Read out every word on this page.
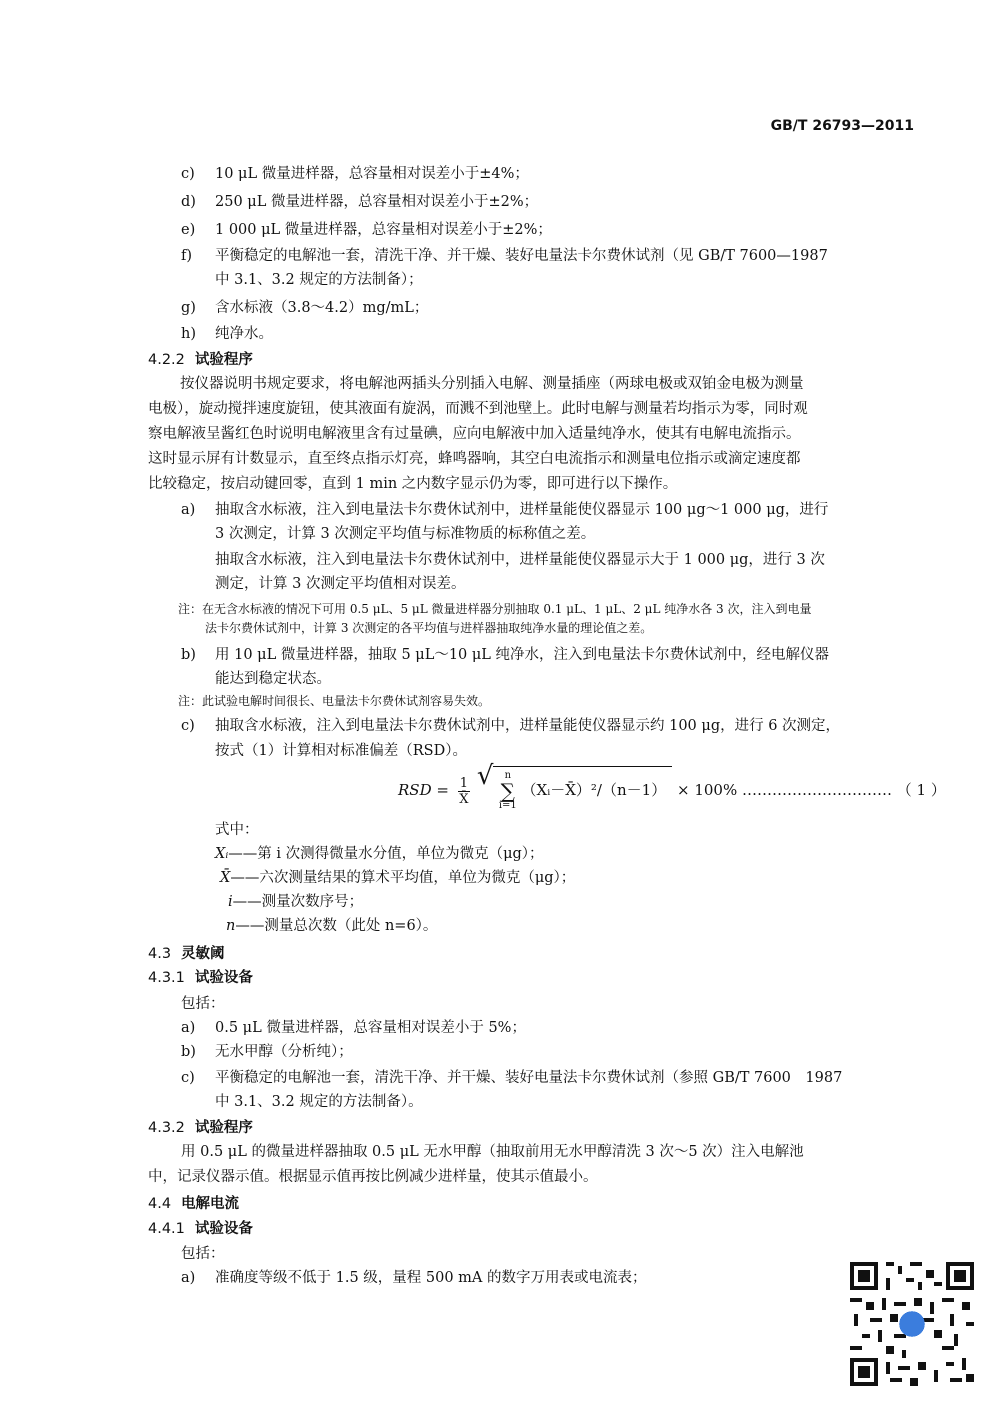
GB/T 26793—2011
c) 10 μL 微量进样器，总容量相对误差小于±4%；
d) 250 μL 微量进样器，总容量相对误差小于±2%；
e) 1 000 μL 微量进样器，总容量相对误差小于±2%；
f) 平衡稳定的电解池一套，清洗干净、并干燥、装好电量法卡尔费休试剂（见 GB/T 7600—1987
中 3.1、3.2 规定的方法制备）；
g) 含水标液（3.8～4.2）mg/mL；
h) 纯净水。
4.2.2 试验程序
按仪器说明书规定要求，将电解池两插头分别插入电解、测量插座（两球电极或双铂金电极为测量
电极），旋动搅拌速度旋钮，使其液面有旋涡，而溅不到池壁上。此时电解与测量若均指示为零，同时观
察电解液呈酱红色时说明电解液里含有过量碘，应向电解液中加入适量纯净水，使其有电解电流指示。
这时显示屏有计数显示，直至终点指示灯亮，蜂鸣器响，其空白电流指示和测量电位指示或滴定速度都
比较稳定，按启动键回零，直到 1 min 之内数字显示仍为零，即可进行以下操作。
a) 抽取含水标液，注入到电量法卡尔费休试剂中，进样量能使仪器显示 100 μg～1 000 μg，进行
3 次测定，计算 3 次测定平均值与标准物质的标称值之差。
抽取含水标液，注入到电量法卡尔费休试剂中，进样量能使仪器显示大于 1 000 μg，进行 3 次
测定，计算 3 次测定平均值相对误差。
注：在无含水标液的情况下可用 0.5 μL、5 μL 微量进样器分别抽取 0.1 μL、1 μL、2 μL 纯净水各 3 次，注入到电量
法卡尔费休试剂中，计算 3 次测定的各平均值与进样器抽取纯净水量的理论值之差。
b) 用 10 μL 微量进样器，抽取 5 μL～10 μL 纯净水，注入到电量法卡尔费休试剂中，经电解仪器
能达到稳定状态。
注：此试验电解时间很长、电量法卡尔费休试剂容易失效。
c) 抽取含水标液，注入到电量法卡尔费休试剂中，进样量能使仪器显示约 100 μg，进行 6 次测定，
按式（1）计算相对标准偏差（RSD）。
RSD = $\frac{1}{X̄}$

√	n
∑
i=1
（Xᵢ－X̄）²/（n－1） × 100% ………………………… （ 1 ）
式中：
Xᵢ——第 i 次测得微量水分值，单位为微克（μg）；
X̄——六次测量结果的算术平均值，单位为微克（μg）；
i——测量次数序号；
n——测量总次数（此处 n=6）。
4.3 灵敏阈
4.3.1 试验设备
包括：
a) 0.5 μL 微量进样器，总容量相对误差小于 5%；
b) 无水甲醇（分析纯）；
c) 平衡稳定的电解池一套，清洗干净、并干燥、装好电量法卡尔费休试剂（参照 GB/T 7600　1987
中 3.1、3.2 规定的方法制备）。
4.3.2 试验程序
用 0.5 μL 的微量进样器抽取 0.5 μL 无水甲醇（抽取前用无水甲醇清洗 3 次～5 次）注入电解池
中，记录仪器示值。根据显示值再按比例减少进样量，使其示值最小。
4.4 电解电流
4.4.1 试验设备
包括：
a) 准确度等级不低于 1.5 级，量程 500 mA 的数字万用表或电流表；
